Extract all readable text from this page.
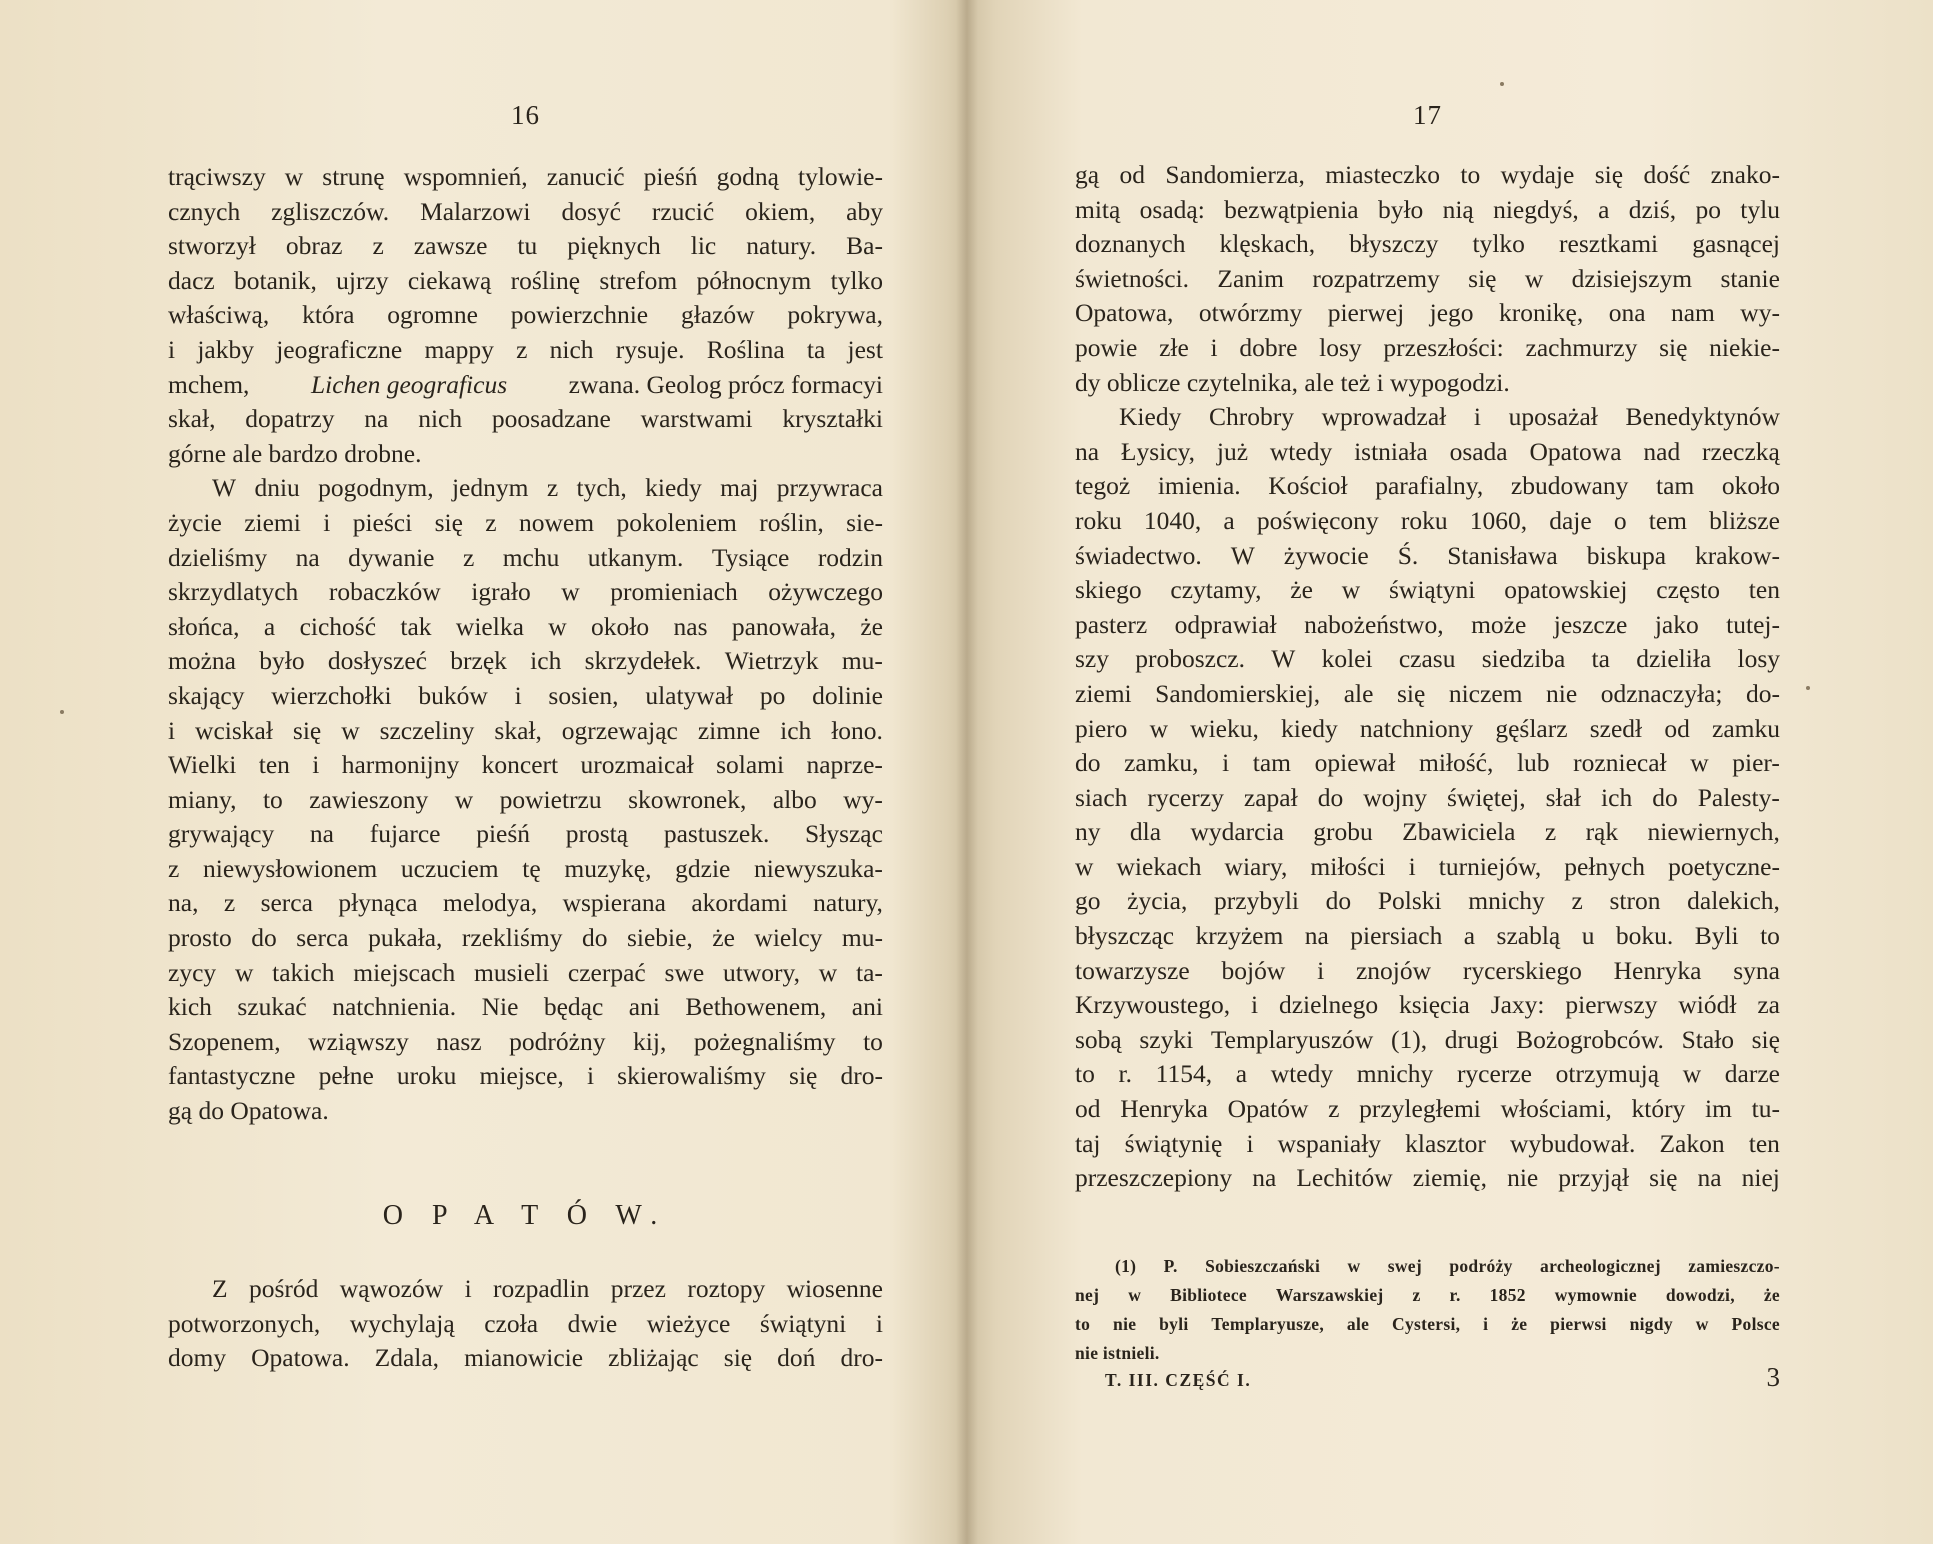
16
trąciwszy w strunę wspomnień, zanucić pieśń godną tylowie-
cznych zgliszczów. Malarzowi dosyć rzucić okiem, aby
stworzył obraz z zawsze tu pięknych lic natury. Ba-
dacz botanik, ujrzy ciekawą roślinę strefom północnym tylko
właściwą, która ogromne powierzchnie głazów pokrywa,
i jakby jeograficzne mappy z nich rysuje. Roślina ta jest
mchem, Lichen geograficus zwana. Geolog prócz formacyi
skał, dopatrzy na nich poosadzane warstwami kryształki
górne ale bardzo drobne.
W dniu pogodnym, jednym z tych, kiedy maj przywraca
życie ziemi i pieści się z nowem pokoleniem roślin, sie-
dzieliśmy na dywanie z mchu utkanym. Tysiące rodzin
skrzydlatych robaczków igrało w promieniach ożywczego
słońca, a cichość tak wielka w około nas panowała, że
można było dosłyszeć brzęk ich skrzydełek. Wietrzyk mu-
skający wierzchołki buków i sosien, ulatywał po dolinie
i wciskał się w szczeliny skał, ogrzewając zimne ich łono.
Wielki ten i harmonijny koncert urozmaicał solami naprze-
miany, to zawieszony w powietrzu skowronek, albo wy-
grywający na fujarce pieśń prostą pastuszek. Słysząc
z niewysłowionem uczuciem tę muzykę, gdzie niewyszuka-
na, z serca płynąca melodya, wspierana akordami natury,
prosto do serca pukała, rzekliśmy do siebie, że wielcy mu-
zycy w takich miejscach musieli czerpać swe utwory, w ta-
kich szukać natchnienia. Nie będąc ani Bethowenem, ani
Szopenem, wziąwszy nasz podróżny kij, pożegnaliśmy to
fantastyczne pełne uroku miejsce, i skierowaliśmy się dro-
gą do Opatowa.
O P A T Ó W.
Z pośród wąwozów i rozpadlin przez roztopy wiosenne
potworzonych, wychylają czoła dwie wieżyce świątyni i
domy Opatowa. Zdala, mianowicie zbliżając się doń dro-
17
gą od Sandomierza, miasteczko to wydaje się dość znako-
mitą osadą: bezwątpienia było nią niegdyś, a dziś, po tylu
doznanych klęskach, błyszczy tylko resztkami gasnącej
świetności. Zanim rozpatrzemy się w dzisiejszym stanie
Opatowa, otwórzmy pierwej jego kronikę, ona nam wy-
powie złe i dobre losy przeszłości: zachmurzy się niekie-
dy oblicze czytelnika, ale też i wypogodzi.
Kiedy Chrobry wprowadzał i uposażał Benedyktynów
na Łysicy, już wtedy istniała osada Opatowa nad rzeczką
tegoż imienia. Kościoł parafialny, zbudowany tam około
roku 1040, a poświęcony roku 1060, daje o tem bliższe
świadectwo. W żywocie Ś. Stanisława biskupa krakow-
skiego czytamy, że w świątyni opatowskiej często ten
pasterz odprawiał nabożeństwo, może jeszcze jako tutej-
szy proboszcz. W kolei czasu siedziba ta dzieliła losy
ziemi Sandomierskiej, ale się niczem nie odznaczyła; do-
piero w wieku, kiedy natchniony gęślarz szedł od zamku
do zamku, i tam opiewał miłość, lub rozniecał w pier-
siach rycerzy zapał do wojny świętej, słał ich do Palesty-
ny dla wydarcia grobu Zbawiciela z rąk niewiernych,
w wiekach wiary, miłości i turniejów, pełnych poetyczne-
go życia, przybyli do Polski mnichy z stron dalekich,
błyszcząc krzyżem na piersiach a szablą u boku. Byli to
towarzysze bojów i znojów rycerskiego Henryka syna
Krzywoustego, i dzielnego księcia Jaxy: pierwszy wiódł za
sobą szyki Templaryuszów (1), drugi Bożogrobców. Stało się
to r. 1154, a wtedy mnichy rycerze otrzymują w darze
od Henryka Opatów z przyległemi włościami, który im tu-
taj świątynię i wspaniały klasztor wybudował. Zakon ten
przeszczepiony na Lechitów ziemię, nie przyjął się na niej
(1) P. Sobieszczański w swej podróży archeologicznej zamieszczo-
nej w Bibliotece Warszawskiej z r. 1852 wymownie dowodzi, że
to nie byli Templaryusze, ale Cystersi, i że pierwsi nigdy w Polsce
nie istnieli.
T. III. CZĘŚĆ I.	3
